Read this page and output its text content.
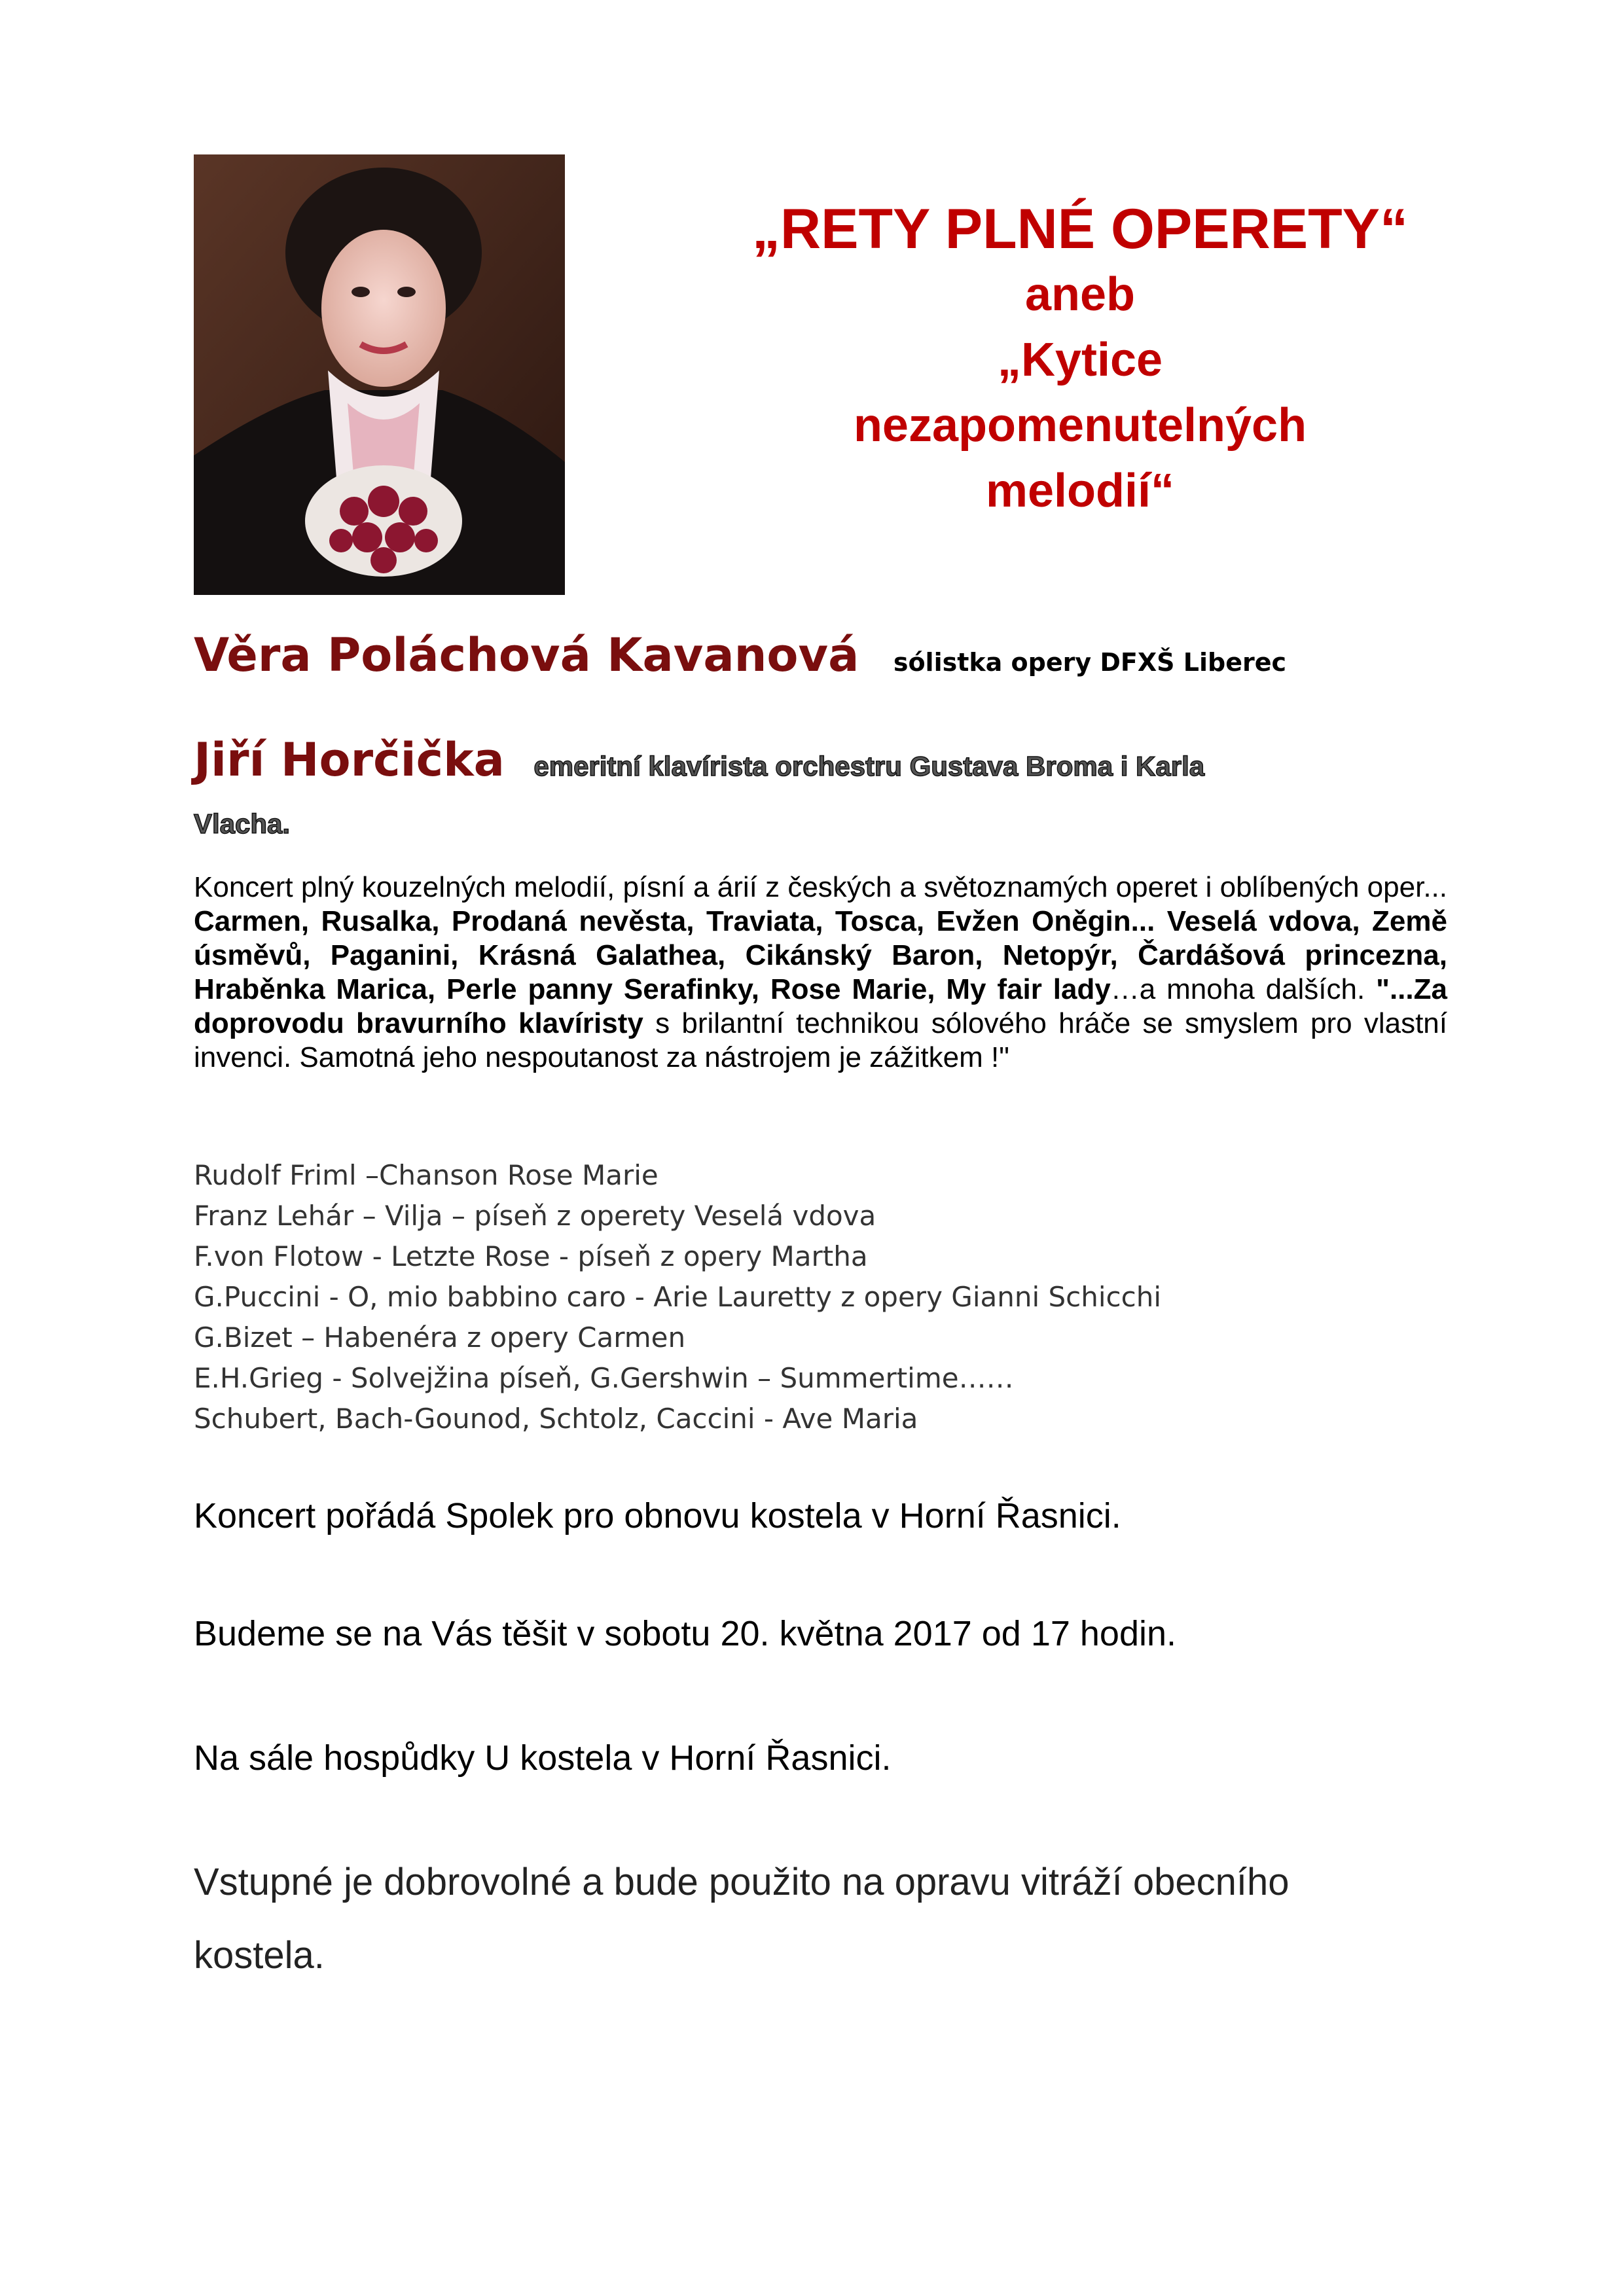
„RETY PLNÉ OPERETY“
aneb
„Kytice
nezapomenutelných
melodií“
Věra Poláchová Kavanová sólistka opery DFXŠ Liberec
Jiří Horčička emeritní klavírista orchestru Gustava Broma i Karla
Vlacha.
Koncert plný kouzelných melodií, písní a árií z českých a světoznamých operet i oblíbených oper... Carmen, Rusalka, Prodaná nevěsta, Traviata, Tosca, Evžen Oněgin... Veselá vdova, Země úsměvů, Paganini, Krásná Galathea, Cikánský Baron, Netopýr, Čardášová princezna, Hraběnka Marica, Perle panny Serafinky, Rose Marie, My fair lady…a mnoha dalších. "...Za doprovodu bravurního klavíristy s brilantní technikou sólového hráče se smyslem pro vlastní invenci. Samotná jeho nespoutanost za nástrojem je zážitkem !"
Rudolf Friml –Chanson Rose Marie
Franz Lehár – Vilja – píseň z operety Veselá vdova
F.von Flotow - Letzte Rose - píseň z opery Martha
G.Puccini - O, mio babbino caro - Arie Lauretty z opery Gianni Schicchi
G.Bizet – Habenéra z opery Carmen
E.H.Grieg - Solvejžina píseň, G.Gershwin – Summertime……
Schubert, Bach-Gounod, Schtolz, Caccini - Ave Maria
Koncert pořádá Spolek pro obnovu kostela v Horní Řasnici.
Budeme se na Vás těšit v sobotu 20. května 2017 od 17 hodin.
Na sále hospůdky U kostela v Horní Řasnici.
Vstupné je dobrovolné a bude použito na opravu vitráží obecního kostela.
